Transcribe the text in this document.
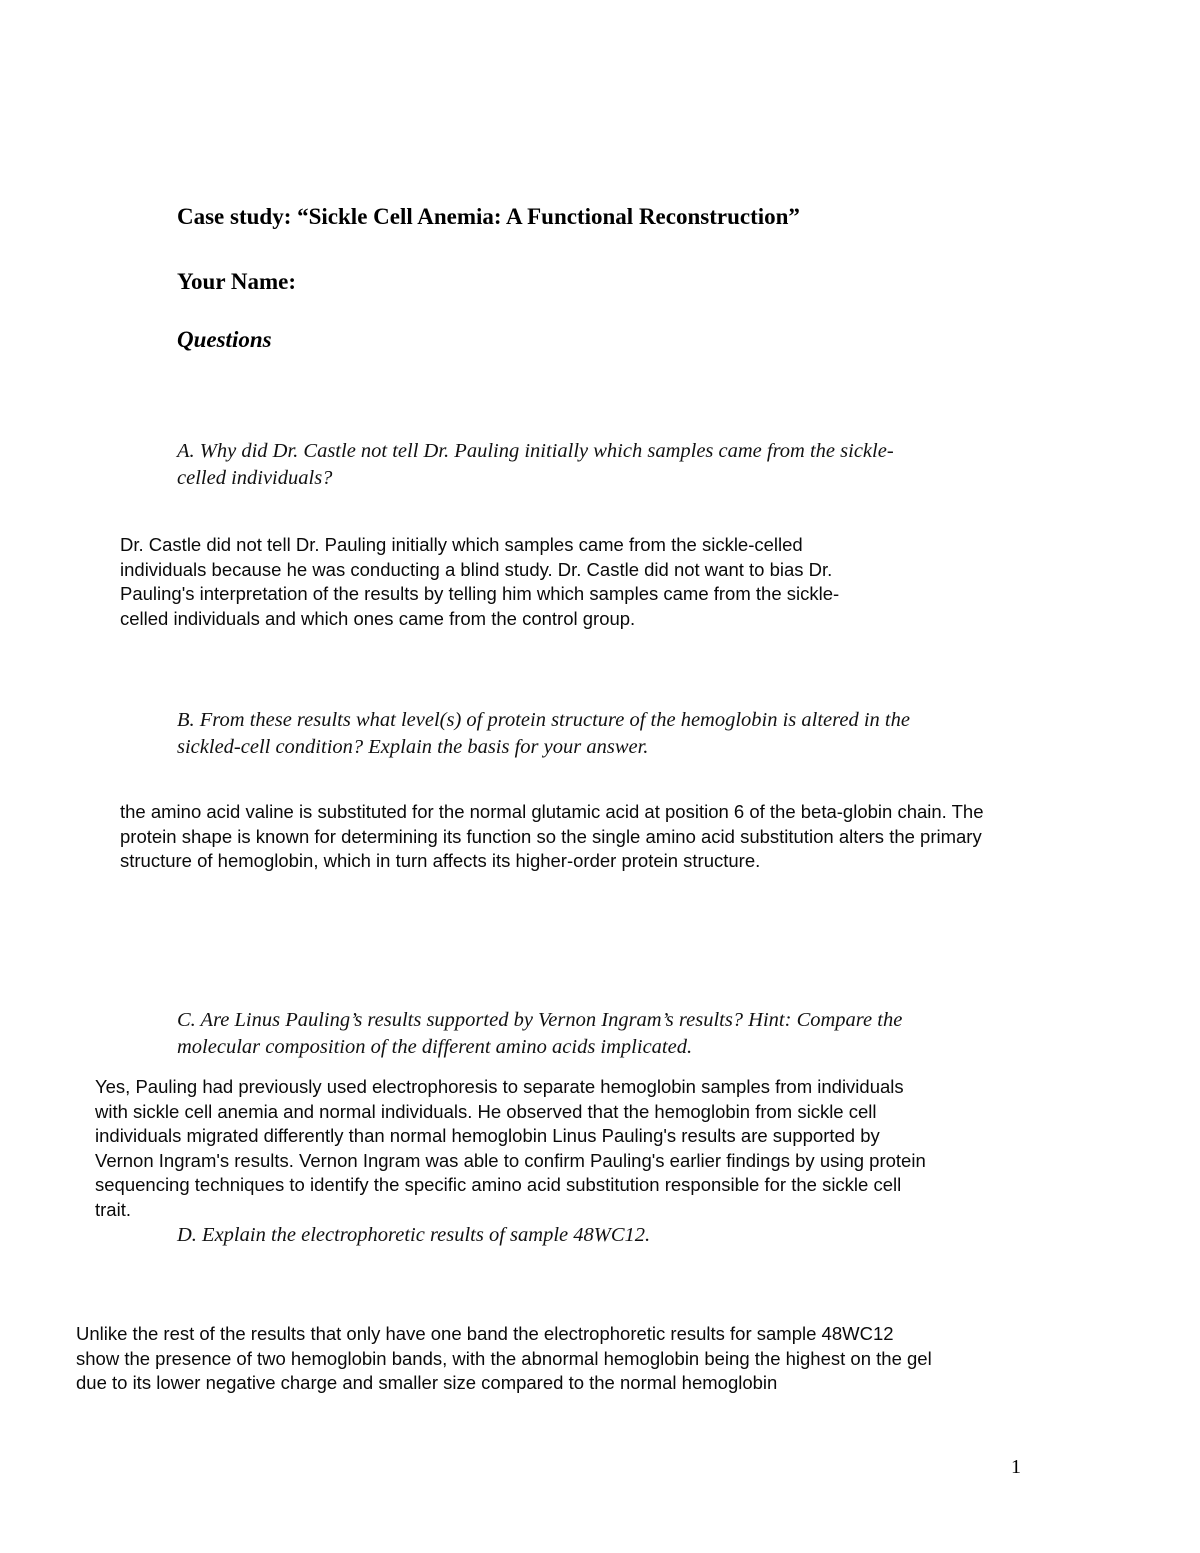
Case study: “Sickle Cell Anemia: A Functional Reconstruction”

Your Name:

Questions

A. Why did Dr. Castle not tell Dr. Pauling initially which samples came from the sickle-
celled individuals?
Dr. Castle did not tell Dr. Pauling initially which samples came from the sickle-celled
individuals because he was conducting a blind study. Dr. Castle did not want to bias Dr.
Pauling's interpretation of the results by telling him which samples came from the sickle-
celled individuals and which ones came from the control group.
B. From these results what level(s) of protein structure of the hemoglobin is altered in the
sickled-cell condition? Explain the basis for your answer.
the amino acid valine is substituted for the normal glutamic acid at position 6 of the beta-globin chain. The
protein shape is known for determining its function so the single amino acid substitution alters the primary
structure of hemoglobin, which in turn affects its higher-order protein structure.
C. Are Linus Pauling’s results supported by Vernon Ingram’s results? Hint: Compare the
molecular composition of the different amino acids implicated.
Yes, Pauling had previously used electrophoresis to separate hemoglobin samples from individuals
with sickle cell anemia and normal individuals. He observed that the hemoglobin from sickle cell
individuals migrated differently than normal hemoglobin Linus Pauling's results are supported by
Vernon Ingram's results. Vernon Ingram was able to confirm Pauling's earlier findings by using protein
sequencing techniques to identify the specific amino acid substitution responsible for the sickle cell
trait.
D. Explain the electrophoretic results of sample 48WC12.
Unlike the rest of the results that only have one band the electrophoretic results for sample 48WC12
show the presence of two hemoglobin bands, with the abnormal hemoglobin being the highest on the gel
due to its lower negative charge and smaller size compared to the normal hemoglobin

1
